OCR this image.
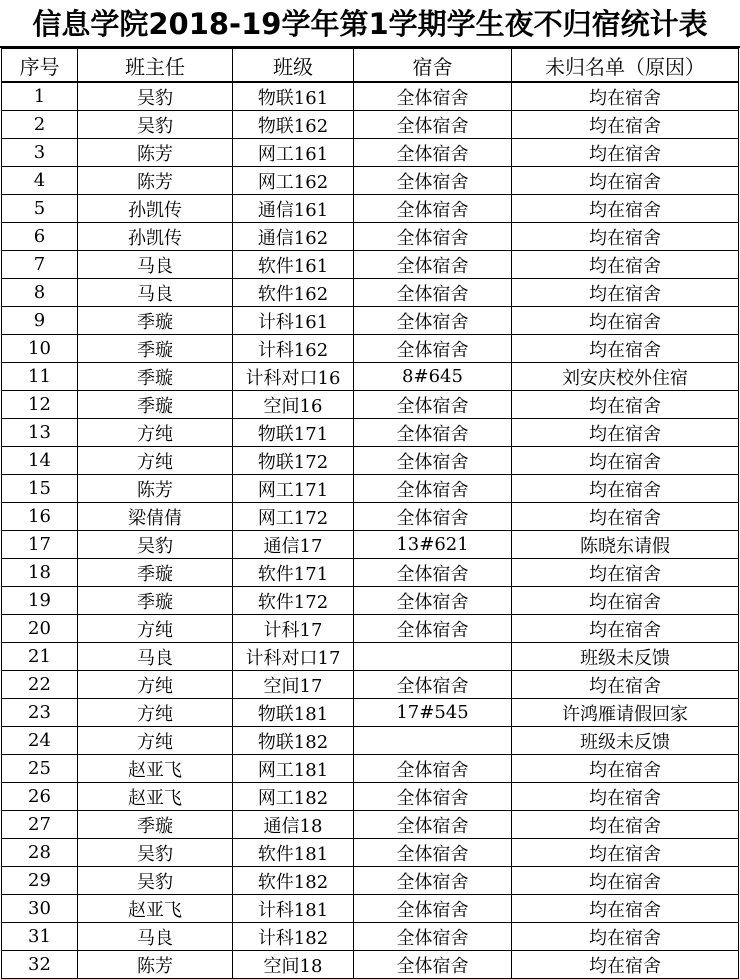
信息学院2018-19学年第1学期学生夜不归宿统计表
序号	班主任	班级	宿舍	未归名单（原因）
1	吴豹	物联161	全体宿舍	均在宿舍
2	吴豹	物联162	全体宿舍	均在宿舍
3	陈芳	网工161	全体宿舍	均在宿舍
4	陈芳	网工162	全体宿舍	均在宿舍
5	孙凯传	通信161	全体宿舍	均在宿舍
6	孙凯传	通信162	全体宿舍	均在宿舍
7	马良	软件161	全体宿舍	均在宿舍
8	马良	软件162	全体宿舍	均在宿舍
9	季璇	计科161	全体宿舍	均在宿舍
10	季璇	计科162	全体宿舍	均在宿舍
11	季璇	计科对口16	8#645	刘安庆校外住宿
12	季璇	空间16	全体宿舍	均在宿舍
13	方纯	物联171	全体宿舍	均在宿舍
14	方纯	物联172	全体宿舍	均在宿舍
15	陈芳	网工171	全体宿舍	均在宿舍
16	梁倩倩	网工172	全体宿舍	均在宿舍
17	吴豹	通信17	13#621	陈晓东请假
18	季璇	软件171	全体宿舍	均在宿舍
19	季璇	软件172	全体宿舍	均在宿舍
20	方纯	计科17	全体宿舍	均在宿舍
21	马良	计科对口17		班级未反馈
22	方纯	空间17	全体宿舍	均在宿舍
23	方纯	物联181	17#545	许鸿雁请假回家
24	方纯	物联182		班级未反馈
25	赵亚飞	网工181	全体宿舍	均在宿舍
26	赵亚飞	网工182	全体宿舍	均在宿舍
27	季璇	通信18	全体宿舍	均在宿舍
28	吴豹	软件181	全体宿舍	均在宿舍
29	吴豹	软件182	全体宿舍	均在宿舍
30	赵亚飞	计科181	全体宿舍	均在宿舍
31	马良	计科182	全体宿舍	均在宿舍
32	陈芳	空间18	全体宿舍	均在宿舍
